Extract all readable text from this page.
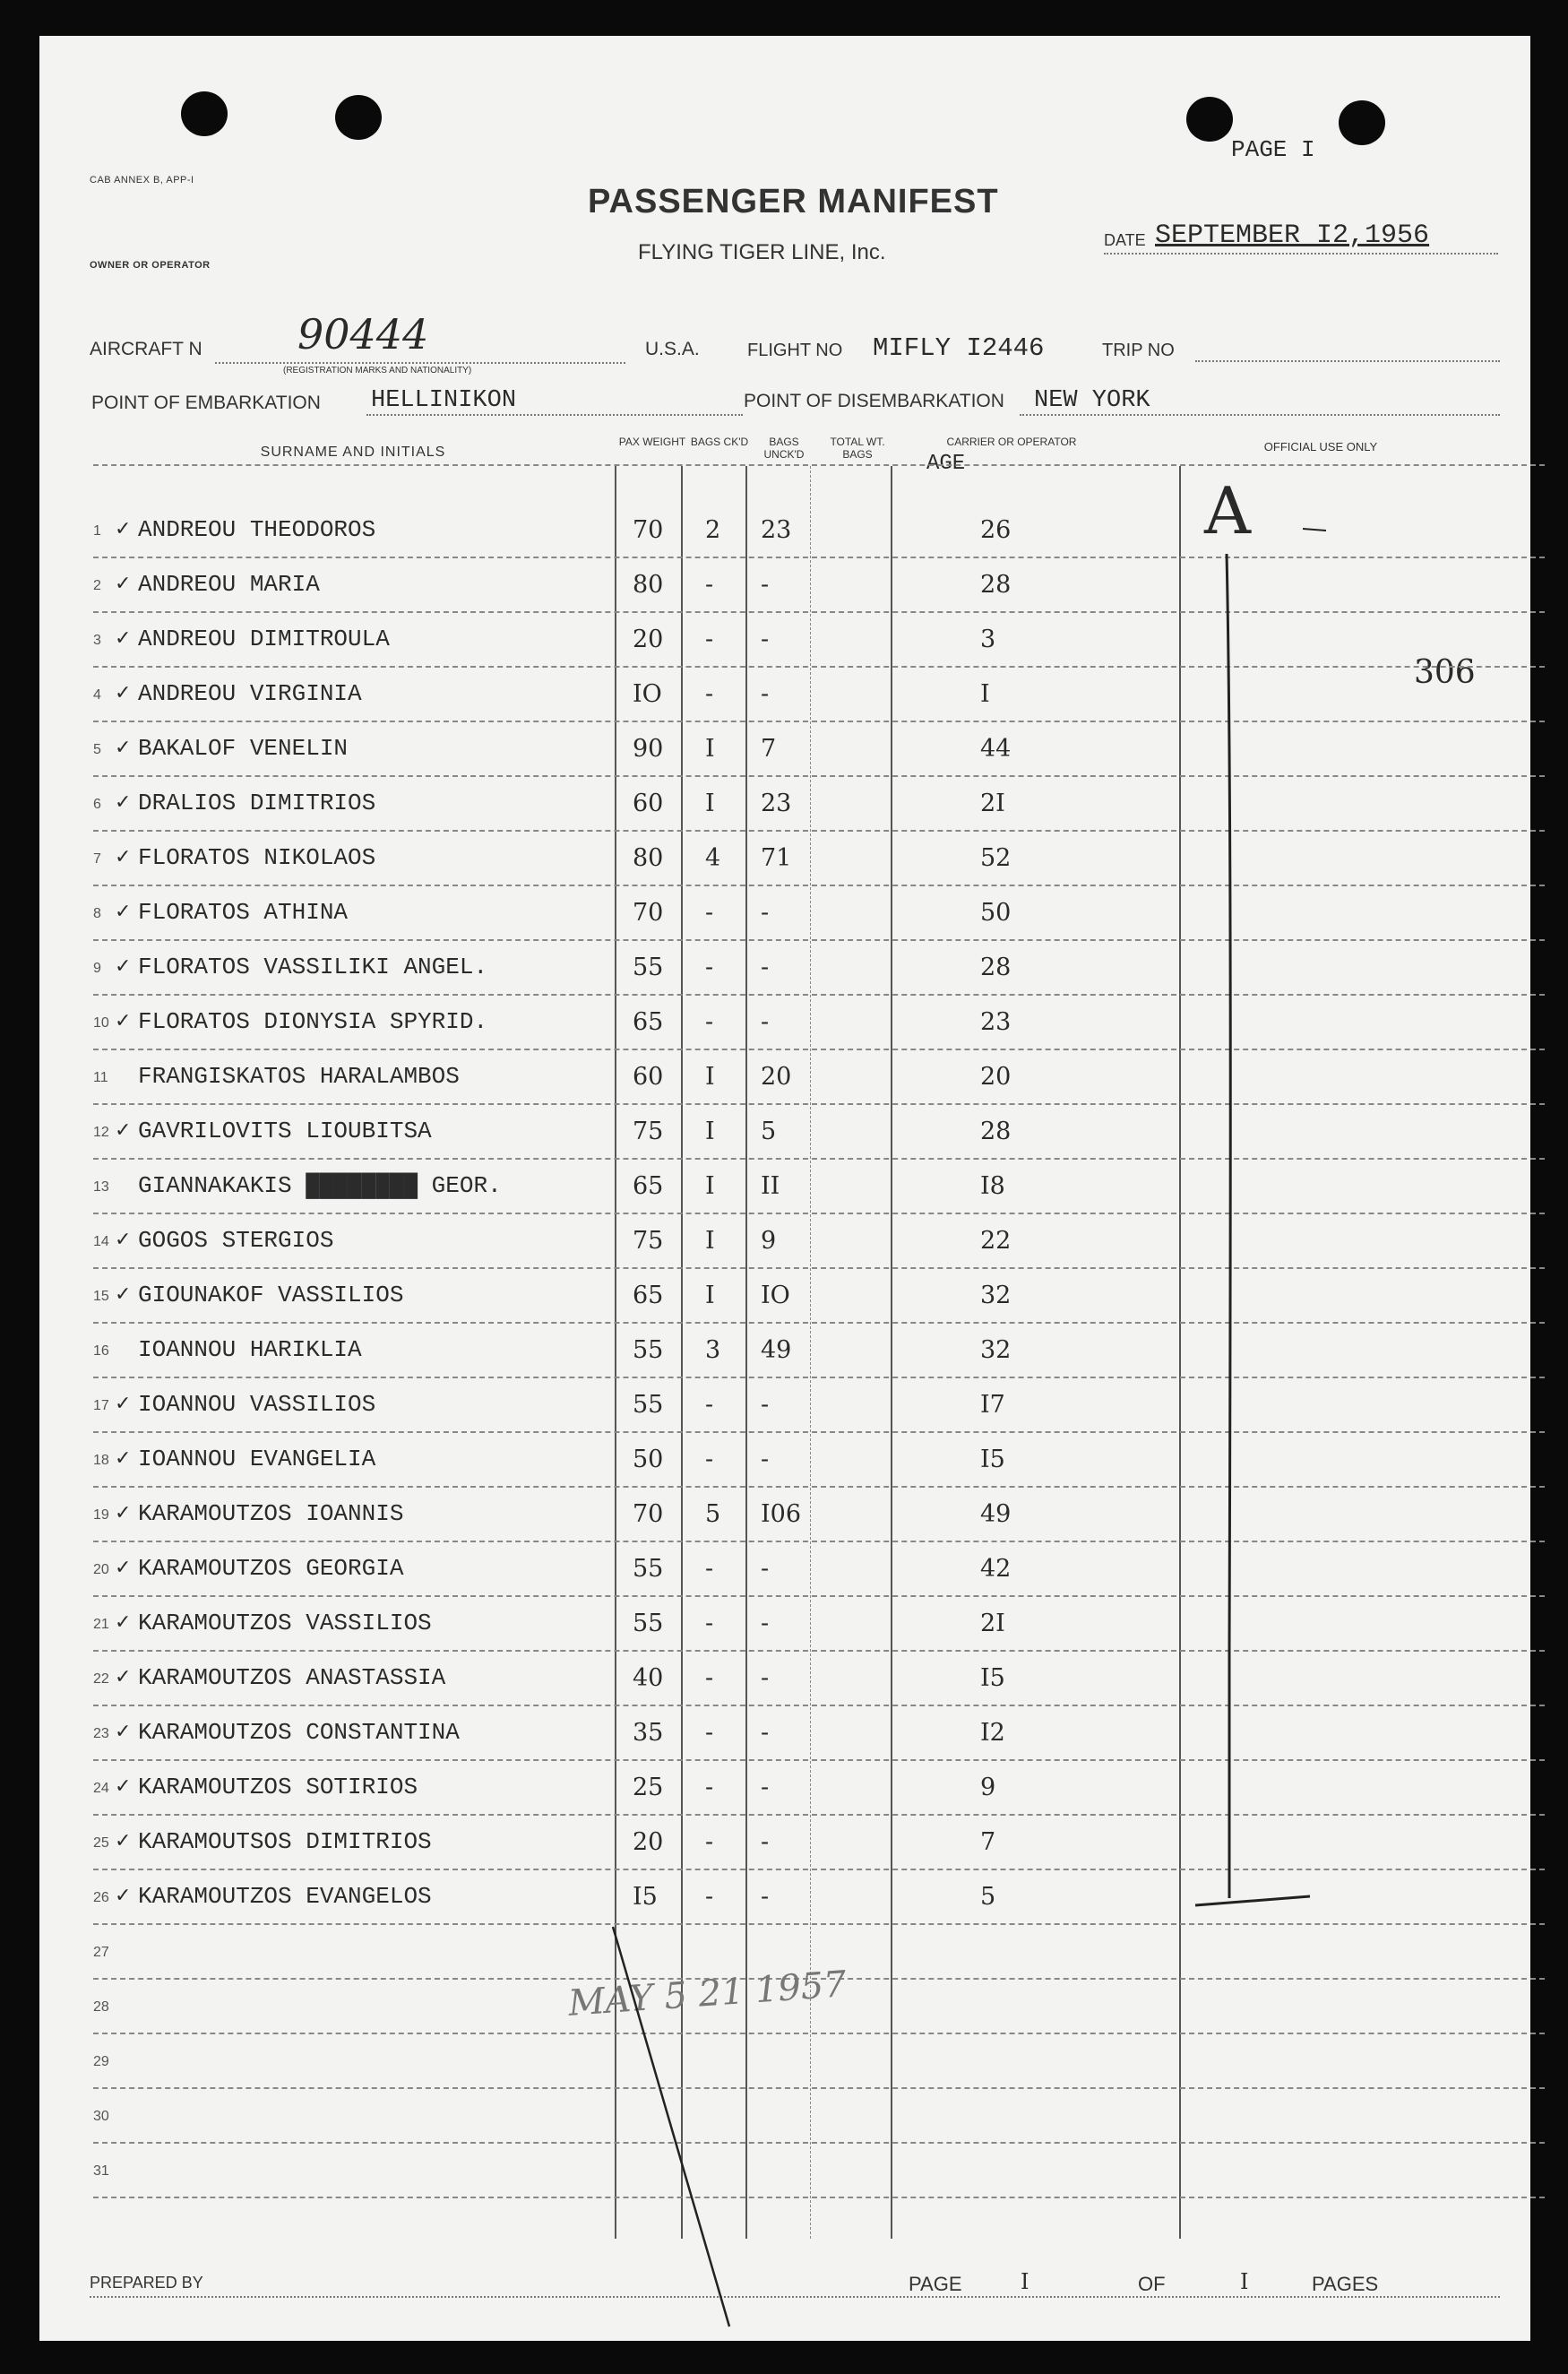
CAB ANNEX B, APP-I
OWNER OR OPERATOR
PASSENGER MANIFEST
FLYING TIGER LINE, Inc.
PAGE I
DATE SEPTEMBER I2,1956
AIRCRAFT N 90444
(REGISTRATION MARKS AND NATIONALITY)
U.S.A.	FLIGHT NO MIFLY I2446	TRIP NO
POINT OF EMBARKATION HELLINIKON	POINT OF DISEMBARKATION NEW YORK
306
SURNAME AND INITIALS
PAX WEIGHT BAGS CK'D	BAGS UNCK'D
TOTAL WT. BAGS
CARRIER OR OPERATOR
AGE
OFFICIAL USE ONLY
1 ✓ ANDREOU THEODOROS	70 2 23	26
2 ✓ ANDREOU MARIA	80 - -	28
3 ✓ ANDREOU DIMITROULA	20 - -	3
4 ✓ ANDREOU VIRGINIA	IO - -	I
5 ✓ BAKALOF VENELIN	90 I 7	44
6 ✓ DRALIOS DIMITRIOS	60 I 23	2I
7 ✓ FLORATOS NIKOLAOS	80 4 71	52
8 ✓ FLORATOS ATHINA	70 - -	50
9 ✓ FLORATOS VASSILIKI ANGEL.	55 - -	28
10 ✓ FLORATOS DIONYSIA SPYRID.	65 - -	23
11 FRANGISKATOS HARALAMBOS	60 I 20	20
12 ✓ GAVRILOVITS LIOUBITSA	75 I 5	28
13 GIANNAKAKIS ████████ GEOR.	65 I II	I8
14 ✓ GOGOS STERGIOS	75 I 9	22
15 ✓ GIOUNAKOF VASSILIOS	65 I IO	32
16 IOANNOU HARIKLIA	55 3 49	32
17 ✓ IOANNOU VASSILIOS	55 - -	I7
18 ✓ IOANNOU EVANGELIA	50 - -	I5
19 ✓ KARAMOUTZOS IOANNIS	70 5 I06	49
20 ✓ KARAMOUTZOS GEORGIA	55 - -	42
21 ✓ KARAMOUTZOS VASSILIOS	55 - -	2I
22 ✓ KARAMOUTZOS ANASTASSIA	40 - -	I5
23 ✓ KARAMOUTZOS CONSTANTINA	35 - -	I2
24 ✓ KARAMOUTZOS SOTIRIOS	25 - -	9
25 ✓ KARAMOUTSOS DIMITRIOS	20 - -	7
26 ✓ KARAMOUTZOS EVANGELOS	I5 - -	5
27
28
29
30
31
PREPARED BY	PAGE	I	OF	I	PAGES
MAY 5 21 1957
A
